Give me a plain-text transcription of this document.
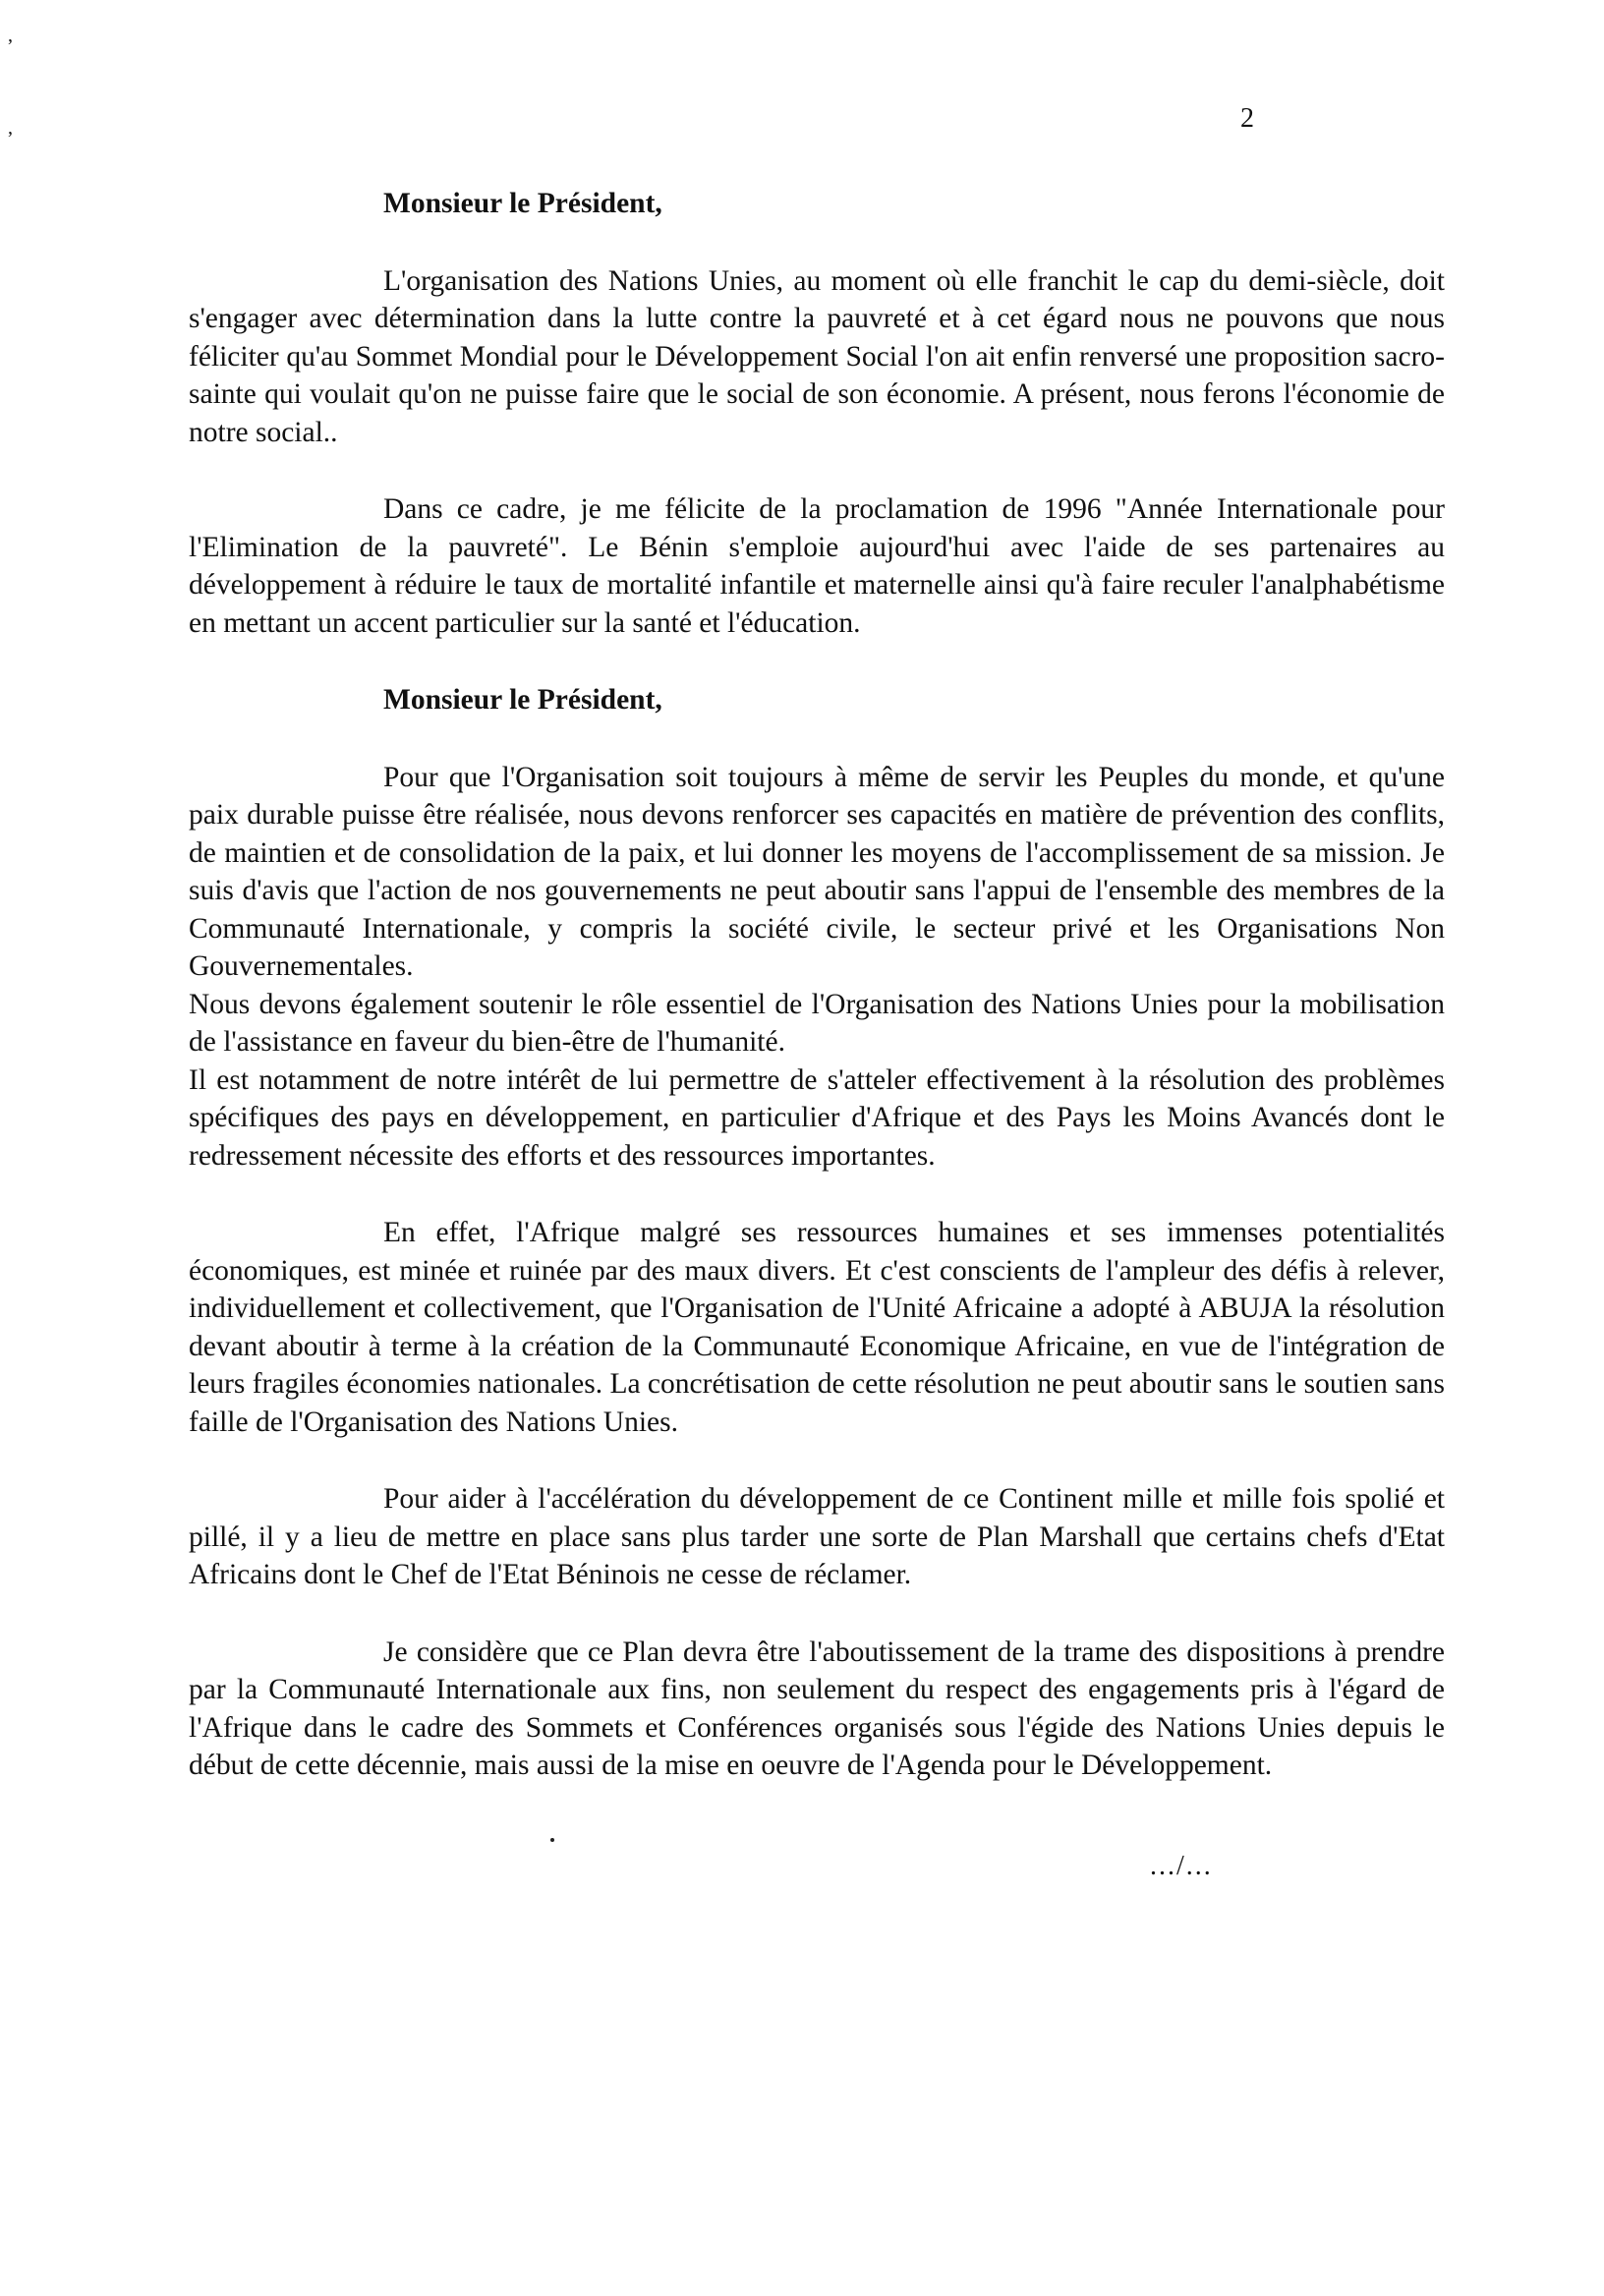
,
,	2

Monsieur le Président,

L'organisation des Nations Unies, au moment où elle franchit le cap du demi-siècle, doit s'engager avec détermination dans la lutte contre la pauvreté et à cet égard nous ne pouvons que nous féliciter qu'au Sommet Mondial pour le Développement Social l'on ait enfin renversé une proposition sacro-sainte qui voulait qu'on ne puisse faire que le social de son économie. A présent, nous ferons l'économie de notre social..

Dans ce cadre, je me félicite de la proclamation de 1996 "Année Internationale pour l'Elimination de la pauvreté". Le Bénin s'emploie aujourd'hui avec l'aide de ses partenaires au développement à réduire le taux de mortalité infantile et maternelle ainsi qu'à faire reculer l'analphabétisme en mettant un accent particulier sur la santé et l'éducation.

Monsieur le Président,

Pour que l'Organisation soit toujours à même de servir les Peuples du monde, et qu'une paix durable puisse être réalisée, nous devons renforcer ses capacités en matière de prévention des conflits, de maintien et de consolidation de la paix, et lui donner les moyens de l'accomplissement de sa mission. Je suis d'avis que l'action de nos gouvernements ne peut aboutir sans l'appui de l'ensemble des membres de la Communauté Internationale, y compris la société civile, le secteur privé et les Organisations Non Gouvernementales.

Nous devons également soutenir le rôle essentiel de l'Organisation des Nations Unies pour la mobilisation de l'assistance en faveur du bien-être de l'humanité.

Il est notamment de notre intérêt de lui permettre de s'atteler effectivement à la résolution des problèmes spécifiques des pays en développement, en particulier d'Afrique et des Pays les Moins Avancés dont le redressement nécessite des efforts et des ressources importantes.

En effet, l'Afrique malgré ses ressources humaines et ses immenses potentialités économiques, est minée et ruinée par des maux divers. Et c'est conscients de l'ampleur des défis à relever, individuellement et collectivement, que l'Organisation de l'Unité Africaine a adopté à ABUJA la résolution devant aboutir à terme à la création de la Communauté Economique Africaine, en vue de l'intégration de leurs fragiles économies nationales. La concrétisation de cette résolution ne peut aboutir sans le soutien sans faille de l'Organisation des Nations Unies.

Pour aider à l'accélération du développement de ce Continent mille et mille fois spolié et pillé, il y a lieu de mettre en place sans plus tarder une sorte de Plan Marshall que certains chefs d'Etat Africains dont le Chef de l'Etat Béninois ne cesse de réclamer.

Je considère que ce Plan devra être l'aboutissement de la trame des dispositions à prendre par la Communauté Internationale aux fins, non seulement du respect des engagements pris à l'égard de l'Afrique dans le cadre des Sommets et Conférences organisés sous l'égide des Nations Unies depuis le début de cette décennie, mais aussi de la mise en oeuvre de l'Agenda pour le Développement.

.../...
